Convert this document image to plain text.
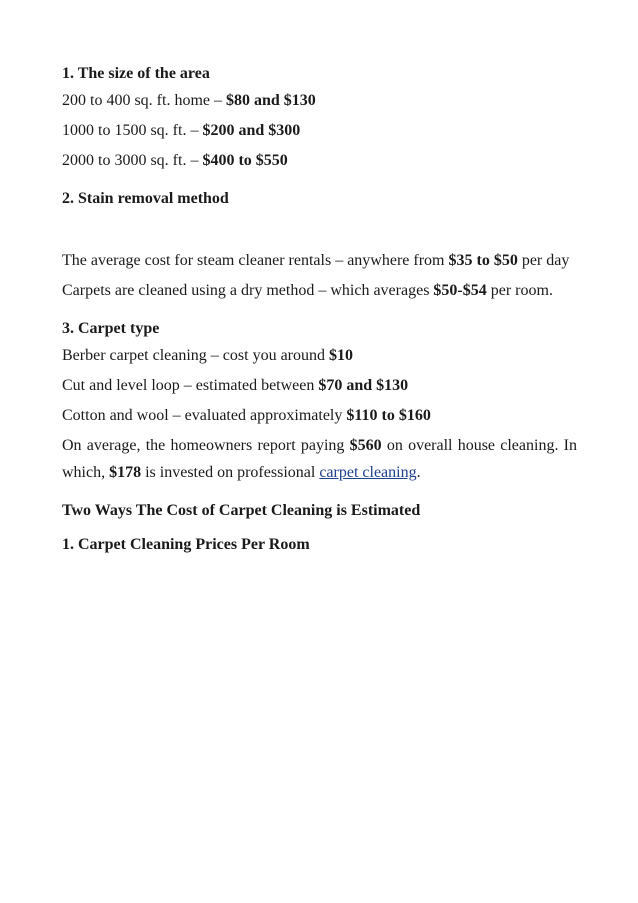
1. The size of the area

200 to 400 sq. ft. home – $80 and $130

1000 to 1500 sq. ft. – $200 and $300

2000 to 3000 sq. ft. – $400 to $550

2. Stain removal method

The average cost for steam cleaner rentals – anywhere from $35 to $50 per day

Carpets are cleaned using a dry method – which averages $50-$54 per room.

3. Carpet type

Berber carpet cleaning – cost you around $10

Cut and level loop – estimated between $70 and $130

Cotton and wool – evaluated approximately $110 to $160

On average, the homeowners report paying $560 on overall house cleaning. In which, $178 is invested on professional carpet cleaning.

Two Ways The Cost of Carpet Cleaning is Estimated

1. Carpet Cleaning Prices Per Room
